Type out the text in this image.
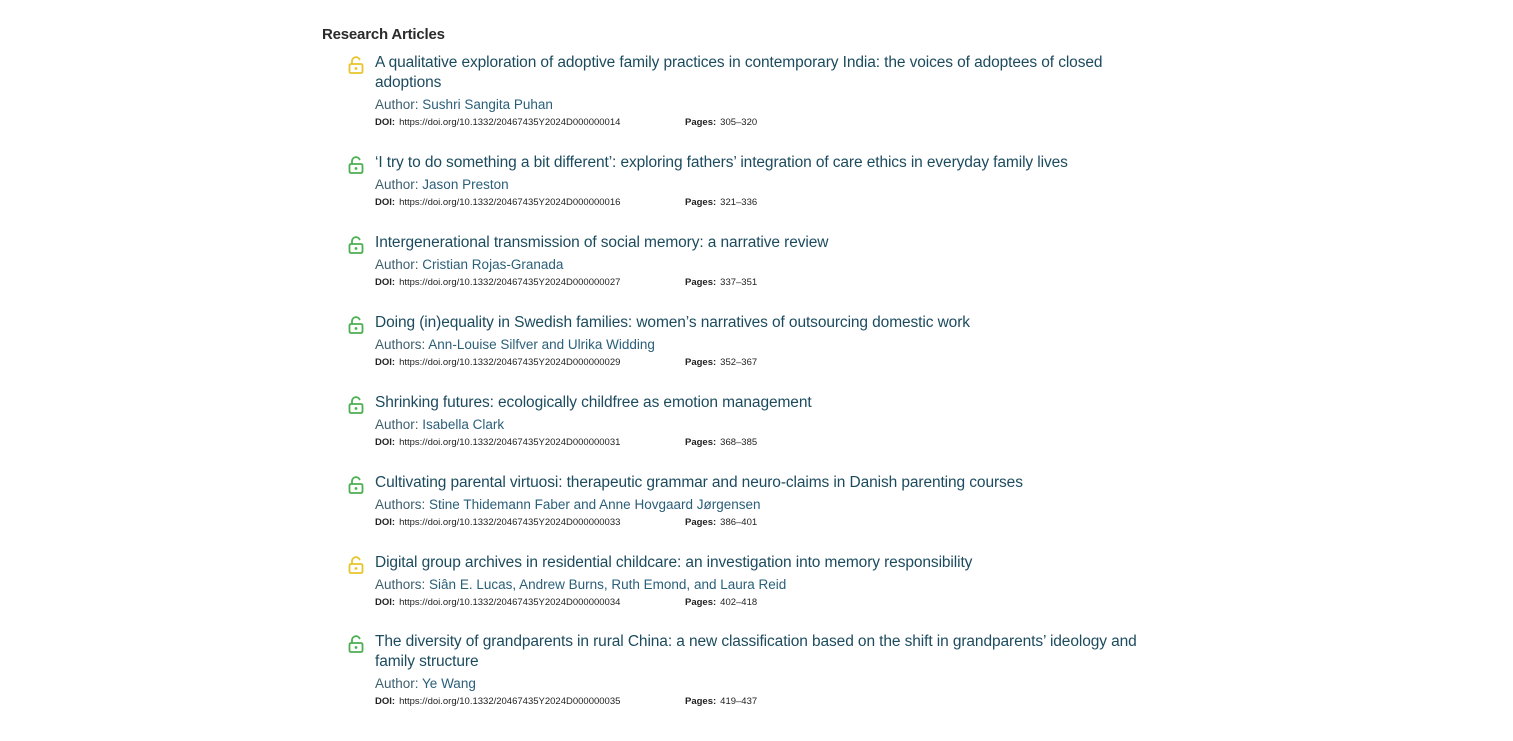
Research Articles
A qualitative exploration of adoptive family practices in contemporary India: the voices of adoptees of closed adoptions
Author: Sushri Sangita Puhan
DOI: https://doi.org/10.1332/20467435Y2024D000000014	Pages: 305–320
‘I try to do something a bit different’: exploring fathers’ integration of care ethics in everyday family lives
Author: Jason Preston
DOI: https://doi.org/10.1332/20467435Y2024D000000016	Pages: 321–336
Intergenerational transmission of social memory: a narrative review
Author: Cristian Rojas-Granada
DOI: https://doi.org/10.1332/20467435Y2024D000000027	Pages: 337–351
Doing (in)equality in Swedish families: women’s narratives of outsourcing domestic work
Authors: Ann-Louise Silfver and Ulrika Widding
DOI: https://doi.org/10.1332/20467435Y2024D000000029	Pages: 352–367
Shrinking futures: ecologically childfree as emotion management
Author: Isabella Clark
DOI: https://doi.org/10.1332/20467435Y2024D000000031	Pages: 368–385
Cultivating parental virtuosi: therapeutic grammar and neuro-claims in Danish parenting courses
Authors: Stine Thidemann Faber and Anne Hovgaard Jørgensen
DOI: https://doi.org/10.1332/20467435Y2024D000000033	Pages: 386–401
Digital group archives in residential childcare: an investigation into memory responsibility
Authors: Siân E. Lucas, Andrew Burns, Ruth Emond, and Laura Reid
DOI: https://doi.org/10.1332/20467435Y2024D000000034	Pages: 402–418
The diversity of grandparents in rural China: a new classification based on the shift in grandparents’ ideology and family structure
Author: Ye Wang
DOI: https://doi.org/10.1332/20467435Y2024D000000035	Pages: 419–437
